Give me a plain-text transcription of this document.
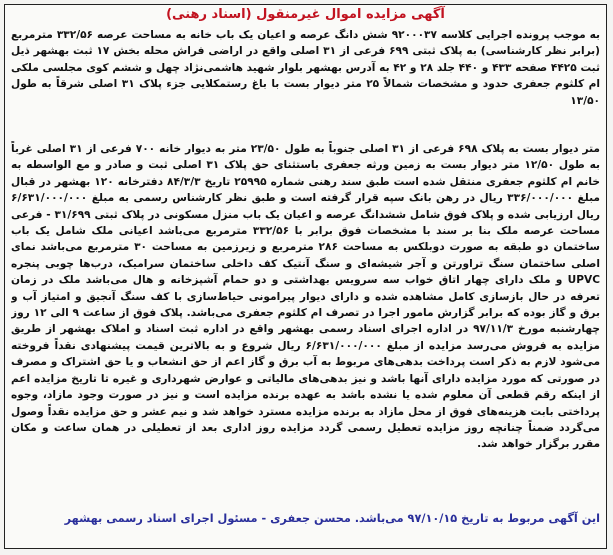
آگهی مزایده اموال غیرمنقول (اسناد رهنی)
به موجب پرونده اجرایی کلاسه ۹۲۰۰۰۳۷ شش دانگ عرصه و اعیان یک باب خانه به مساحت عرصه ۳۳۲/۵۶ مترمربع (برابر نظر کارشناسی) به پلاک ثبتی ۶۹۹ فرعی از ۳۱ اصلی واقع در اراضی فراش محله بخش ۱۷ ثبت بهشهر ذیل ثبت ۴۴۲۵ صفحه ۴۳۳ و ۴۴۰ جلد ۲۸ و ۴۲ به آدرس بهشهر بلوار شهید هاشمی‌نژاد چهل و ششم کوی مجلسی ملکی ام کلثوم جعفری حدود و مشخصات شمالاً ۲۵ متر دیوار بست با باغ رستمکلایی جزء پلاک ۳۱ اصلی شرقاً به طول ۱۳/۵۰
متر دیوار بست به پلاک ۶۹۸ فرعی از ۳۱ اصلی جنوباً به طول ۲۳/۵۰ متر به دیوار خانه ۷۰۰ فرعی از ۳۱ اصلی غرباً به طول ۱۲/۵۰ متر دیوار بست به زمین ورثه جعفری باستثنای حق پلاک ۳۱ اصلی ثبت و صادر و مع الواسطه به خانم ام کلثوم جعفری منتقل شده است طبق سند رهنی شماره ۲۵۹۹۵ تاریخ ۸۴/۳/۳ دفترخانه ۱۲۰ بهشهر در قبال مبلغ ۳۳۶/۰۰۰/۰۰۰ ریال در رهن بانک سپه قرار گرفته است و طبق نظر کارشناس رسمی به مبلغ ۶/۶۳۱/۰۰۰/۰۰۰ ریال ارزیابی شده و پلاک فوق شامل ششدانگ عرصه و اعیان یک باب منزل مسکونی در پلاک ثبتی ۳۱/۶۹۹ - فرعی مساحت عرصه ملک بنا بر سند با مشخصات فوق برابر با ۳۳۲/۵۶ مترمربع می‌باشد اعیانی ملک شامل یک باب ساختمان دو طبقه به صورت دوبلکس به مساحت ۲۸۶ مترمربع و زیرزمین به مساحت ۳۰ مترمربع می‌باشد نمای اصلی ساختمان سنگ تراورتن و آجر شیشه‌ای و سنگ آنتیک کف داخلی ساختمان سرامیک، درب‌ها چوبی پنجره UPVC و ملک دارای چهار اتاق خواب سه سرویس بهداشتی و دو حمام آشپزخانه و هال می‌باشد ملک در زمان تعرفه در حال بازسازی کامل مشاهده شده و دارای دیوار پیرامونی حیاط‌سازی با کف سنگ آنجیق و امتیاز آب و برق و گاز بوده که برابر گزارش مامور اجرا در تصرف ام کلثوم جعفری می‌باشد. پلاک فوق از ساعت ۹ الی ۱۲ روز چهارشنبه مورخ ۹۷/۱۱/۳ در اداره اجرای اسناد رسمی بهشهر واقع در اداره ثبت اسناد و املاک بهشهر از طریق مزایده به فروش می‌رسد مزایده از مبلغ ۶/۶۳۱/۰۰۰/۰۰۰ ریال شروع و به بالاترین قیمت پیشنهادی نقداً فروخته می‌شود لازم به ذکر است پرداخت بدهی‌های مربوط به آب برق و گاز اعم از حق انشعاب و یا حق اشتراک و مصرف در صورتی که مورد مزایده دارای آنها باشد و نیز بدهی‌های مالیاتی و عوارض شهرداری و غیره تا تاریخ مزایده اعم از اینکه رقم قطعی آن معلوم شده یا نشده باشد به عهده برنده مزایده است و نیز در صورت وجود مازاد، وجوه پرداختی بابت هزینه‌های فوق از محل مازاد به برنده مزایده مسترد خواهد شد و نیم عشر و حق مزایده نقداً وصول می‌گردد ضمناً چنانچه روز مزایده تعطیل رسمی گردد مزایده روز اداری بعد از تعطیلی در همان ساعت و مکان مقرر برگزار خواهد شد.
این آگهی مربوط به تاریخ ۹۷/۱۰/۱۵ می‌باشد. محسن جعفری - مسئول اجرای اسناد رسمی بهشهر
